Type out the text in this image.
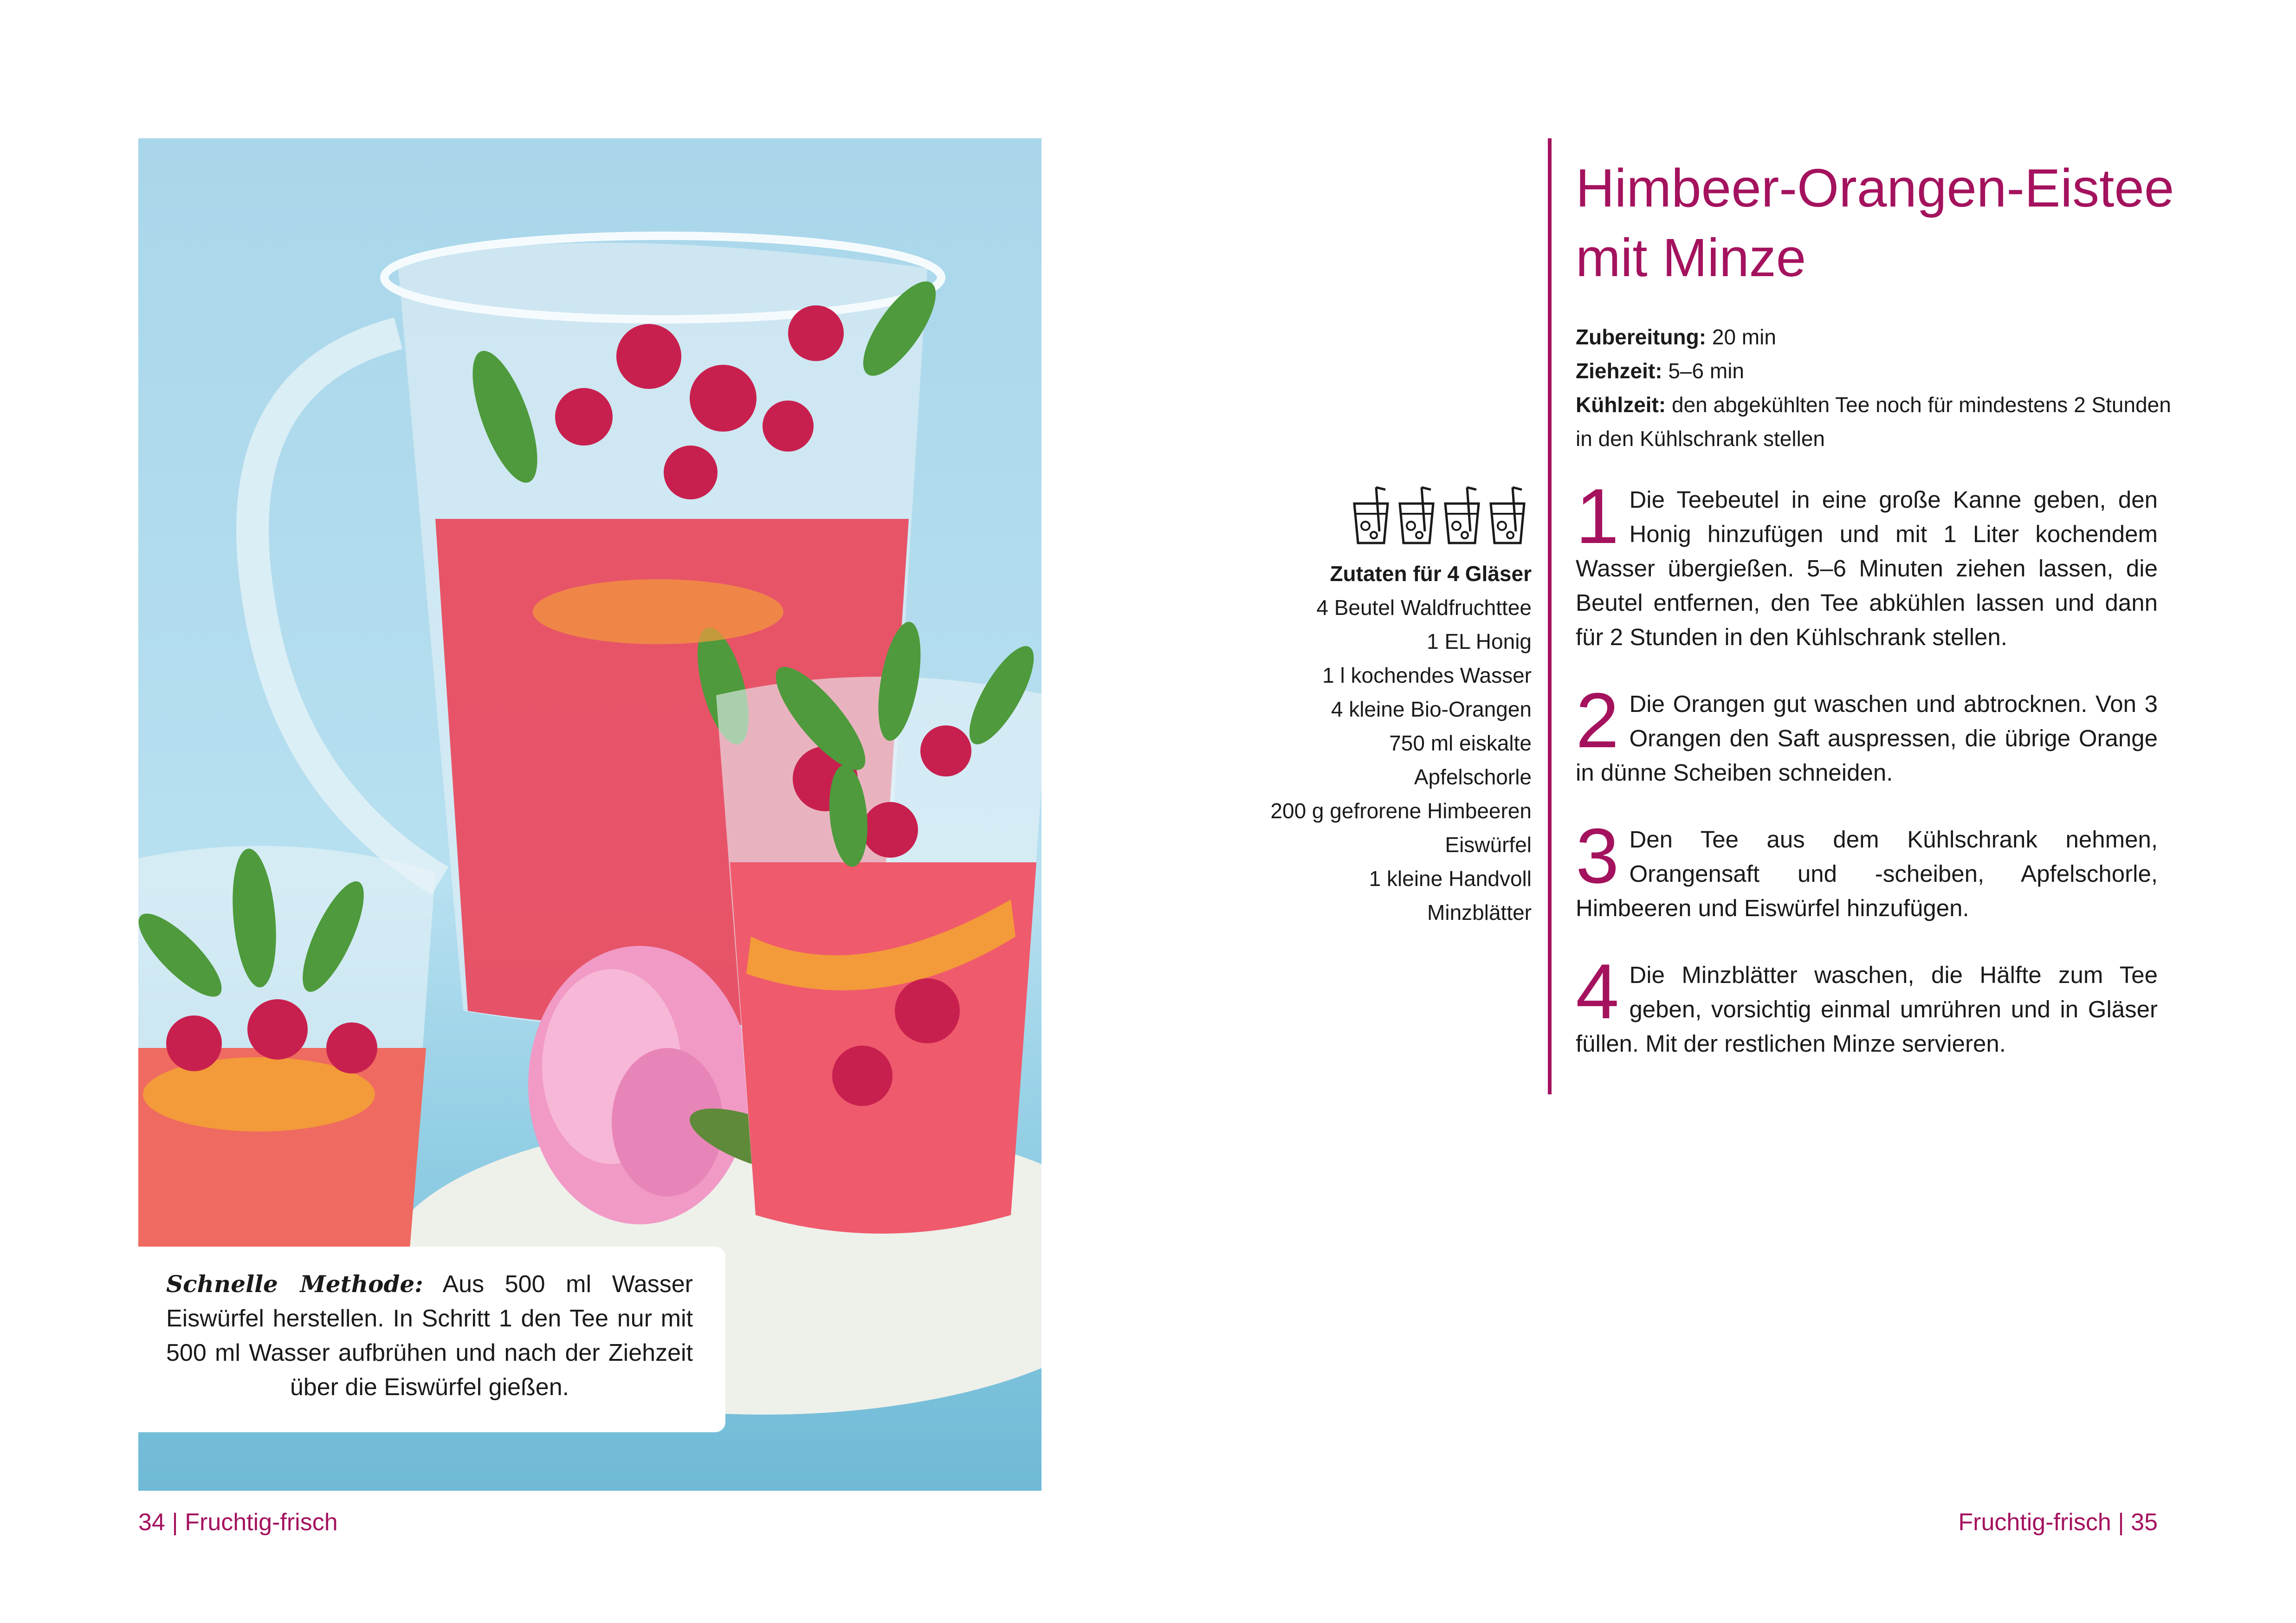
Schnelle Methode: Aus 500 ml Wasser Eiswürfel herstellen. In Schritt 1 den Tee nur mit 500 ml Wasser aufbrühen und nach der Ziehzeit über die Eiswürfel gießen.
34 | Fruchtig-frisch	Fruchtig-frisch | 35
Zutaten für 4 Gläser
4 Beutel Waldfruchttee
1 EL Honig
1 l kochendes Wasser
4 kleine Bio-Orangen
750 ml eiskalte
Apfelschorle
200 g gefrorene Himbeeren
Eiswürfel
1 kleine Handvoll
Minzblätter
Himbeer-Orangen-Eistee
mit Minze
Zubereitung: 20 min
Ziehzeit: 5–6 min
Kühlzeit: den abgekühlten Tee noch für mindestens 2 Stunden in den Kühlschrank stellen
1 Die Teebeutel in eine große Kanne geben, den Honig hinzufügen und mit 1 Liter kochendem Wasser übergießen. 5–6 Minuten ziehen lassen, die Beutel entfernen, den Tee abkühlen lassen und dann für 2 Stunden in den Kühlschrank stellen.
2 Die Orangen gut waschen und abtrocknen. Von 3 Orangen den Saft auspressen, die übrige Orange in dünne Scheiben schneiden.
3 Den Tee aus dem Kühlschrank nehmen, Orangensaft und -scheiben, Apfelschorle, Himbeeren und Eiswürfel hinzufügen.
4 Die Minzblätter waschen, die Hälfte zum Tee geben, vorsichtig einmal umrühren und in Gläser füllen. Mit der restlichen Minze servieren.
